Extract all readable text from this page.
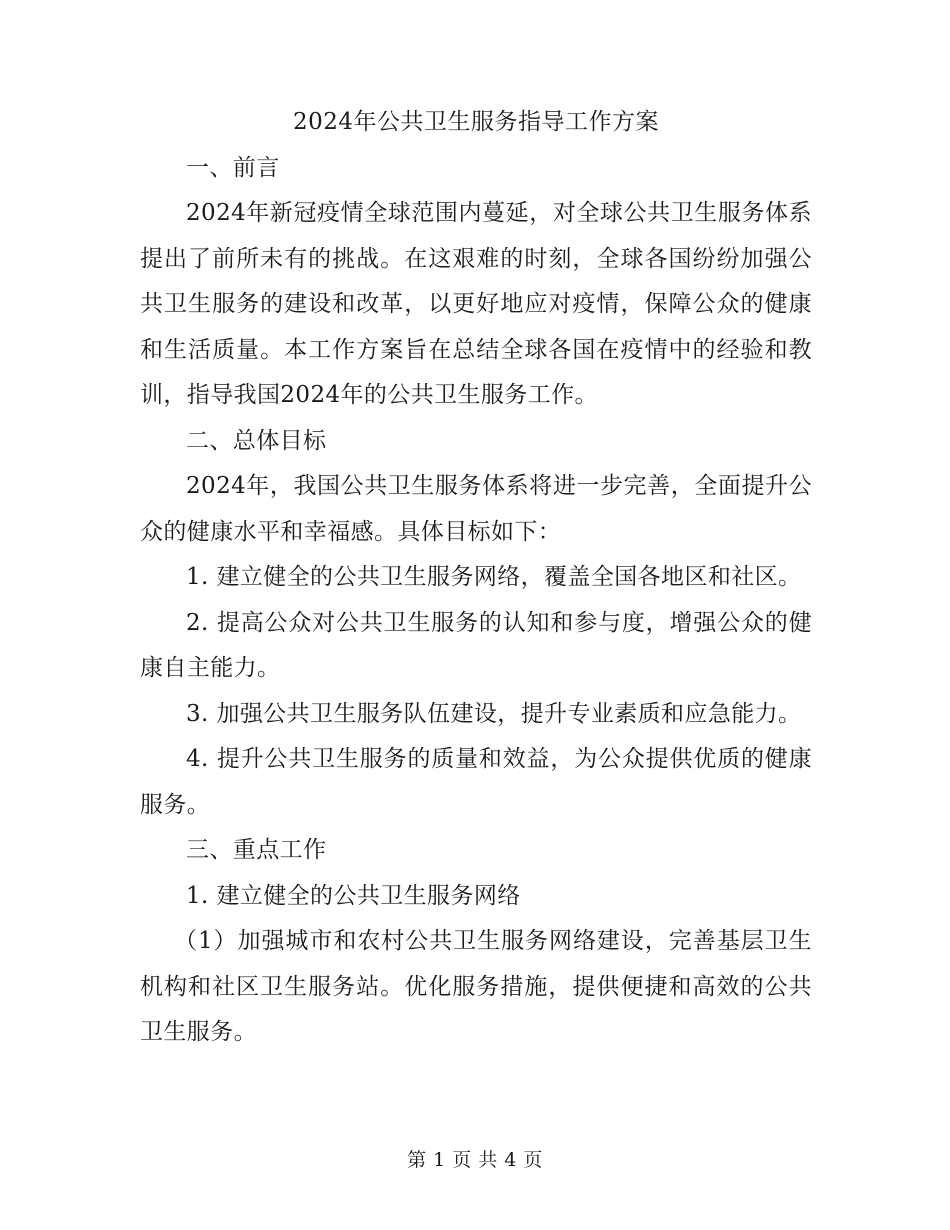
2024年公共卫生服务指导工作方案

一、前言

2024年新冠疫情全球范围内蔓延，对全球公共卫生服务体系提出了前所未有的挑战。在这艰难的时刻，全球各国纷纷加强公共卫生服务的建设和改革，以更好地应对疫情，保障公众的健康和生活质量。本工作方案旨在总结全球各国在疫情中的经验和教训，指导我国2024年的公共卫生服务工作。

二、总体目标

2024年，我国公共卫生服务体系将进一步完善，全面提升公众的健康水平和幸福感。具体目标如下：

1. 建立健全的公共卫生服务网络，覆盖全国各地区和社区。

2. 提高公众对公共卫生服务的认知和参与度，增强公众的健康自主能力。

3. 加强公共卫生服务队伍建设，提升专业素质和应急能力。

4. 提升公共卫生服务的质量和效益，为公众提供优质的健康服务。

三、重点工作

1. 建立健全的公共卫生服务网络

（1）加强城市和农村公共卫生服务网络建设，完善基层卫生机构和社区卫生服务站。优化服务措施，提供便捷和高效的公共卫生服务。

第 1 页 共 4 页
